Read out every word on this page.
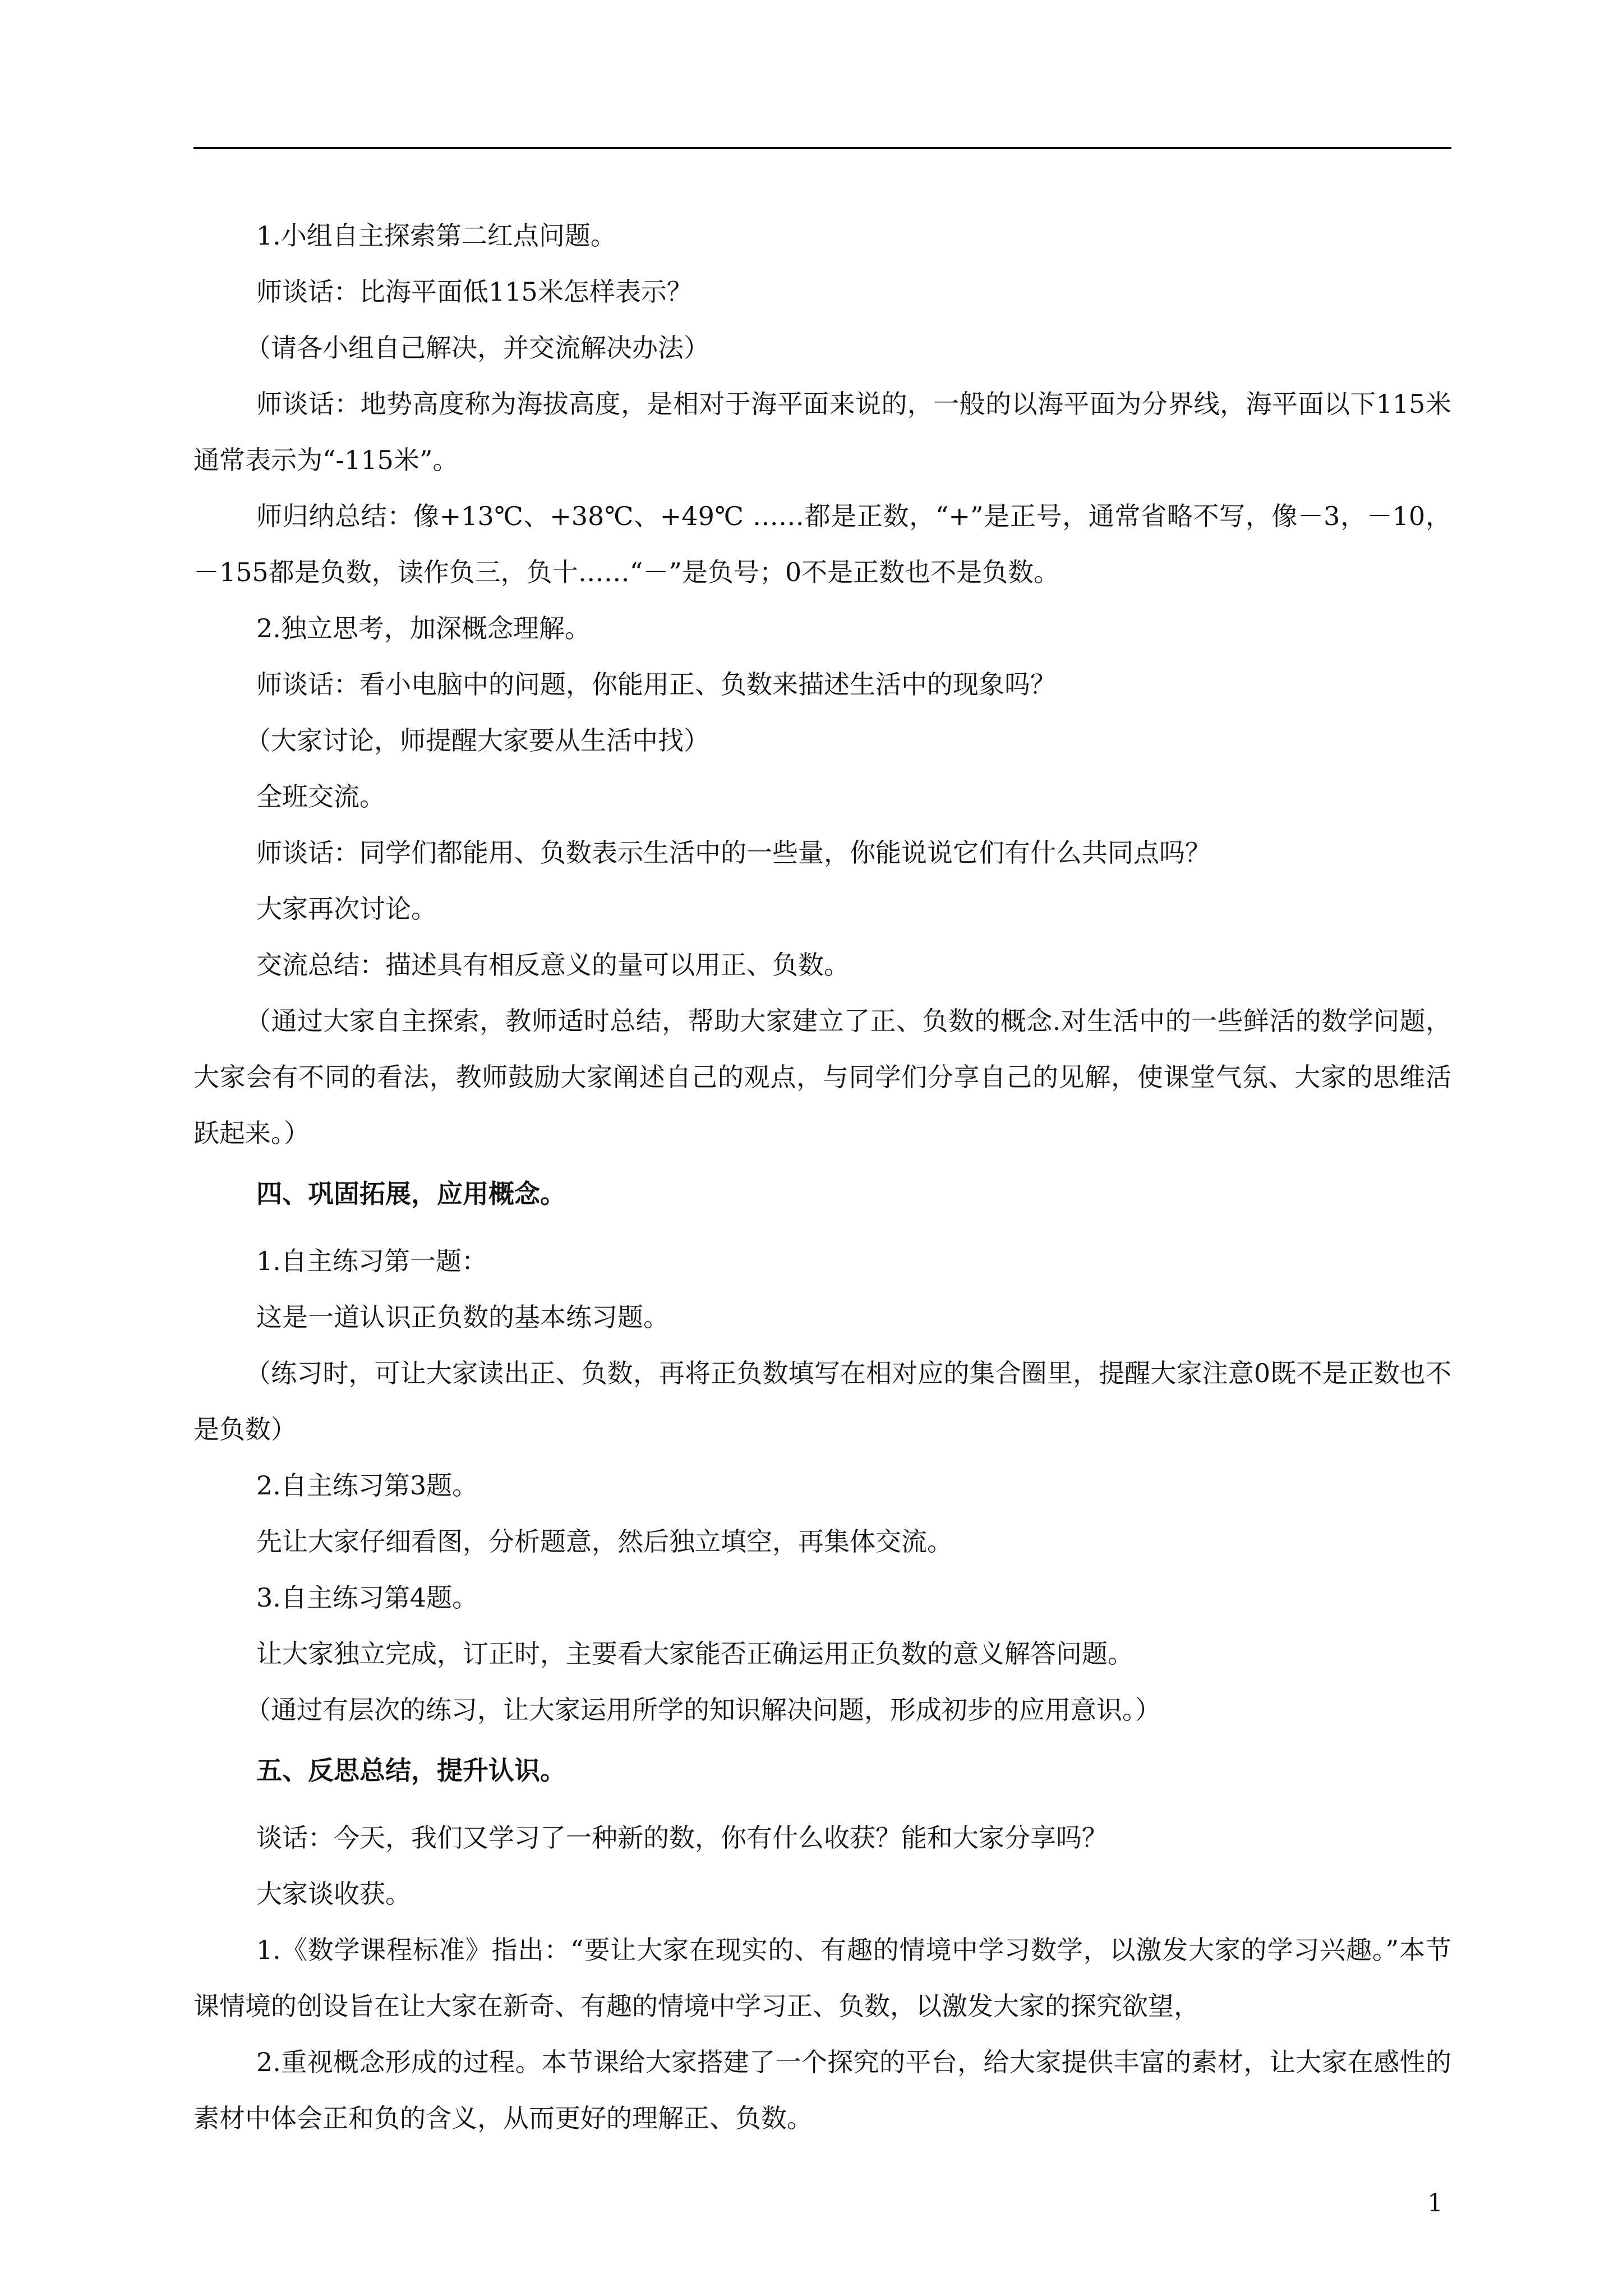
1.小组自主探索第二红点问题。

师谈话：比海平面低115米怎样表示？

（请各小组自己解决，并交流解决办法）

师谈话：地势高度称为海拔高度，是相对于海平面来说的，一般的以海平面为分界线，海平面以下115米通常表示为“-115米”。

师归纳总结：像+13℃、+38℃、+49℃ ……都是正数，“+”是正号，通常省略不写，像－3，－10，－155都是负数，读作负三，负十……“－”是负号；0不是正数也不是负数。

2.独立思考，加深概念理解。

师谈话：看小电脑中的问题，你能用正、负数来描述生活中的现象吗？

（大家讨论，师提醒大家要从生活中找）

全班交流。

师谈话：同学们都能用、负数表示生活中的一些量，你能说说它们有什么共同点吗？

大家再次讨论。

交流总结：描述具有相反意义的量可以用正、负数。

（通过大家自主探索，教师适时总结，帮助大家建立了正、负数的概念.对生活中的一些鲜活的数学问题，大家会有不同的看法，教师鼓励大家阐述自己的观点，与同学们分享自己的见解，使课堂气氛、大家的思维活跃起来。）

四、巩固拓展，应用概念。

1.自主练习第一题：

这是一道认识正负数的基本练习题。

（练习时，可让大家读出正、负数，再将正负数填写在相对应的集合圈里，提醒大家注意0既不是正数也不是负数）

2.自主练习第3题。

先让大家仔细看图，分析题意，然后独立填空，再集体交流。

3.自主练习第4题。

让大家独立完成，订正时，主要看大家能否正确运用正负数的意义解答问题。

（通过有层次的练习，让大家运用所学的知识解决问题，形成初步的应用意识。）

五、反思总结，提升认识。

谈话：今天，我们又学习了一种新的数，你有什么收获？能和大家分享吗？

大家谈收获。

1.《数学课程标准》指出：“要让大家在现实的、有趣的情境中学习数学，以激发大家的学习兴趣。”本节课情境的创设旨在让大家在新奇、有趣的情境中学习正、负数，以激发大家的探究欲望，

2.重视概念形成的过程。本节课给大家搭建了一个探究的平台，给大家提供丰富的素材，让大家在感性的素材中体会正和负的含义，从而更好的理解正、负数。

1
